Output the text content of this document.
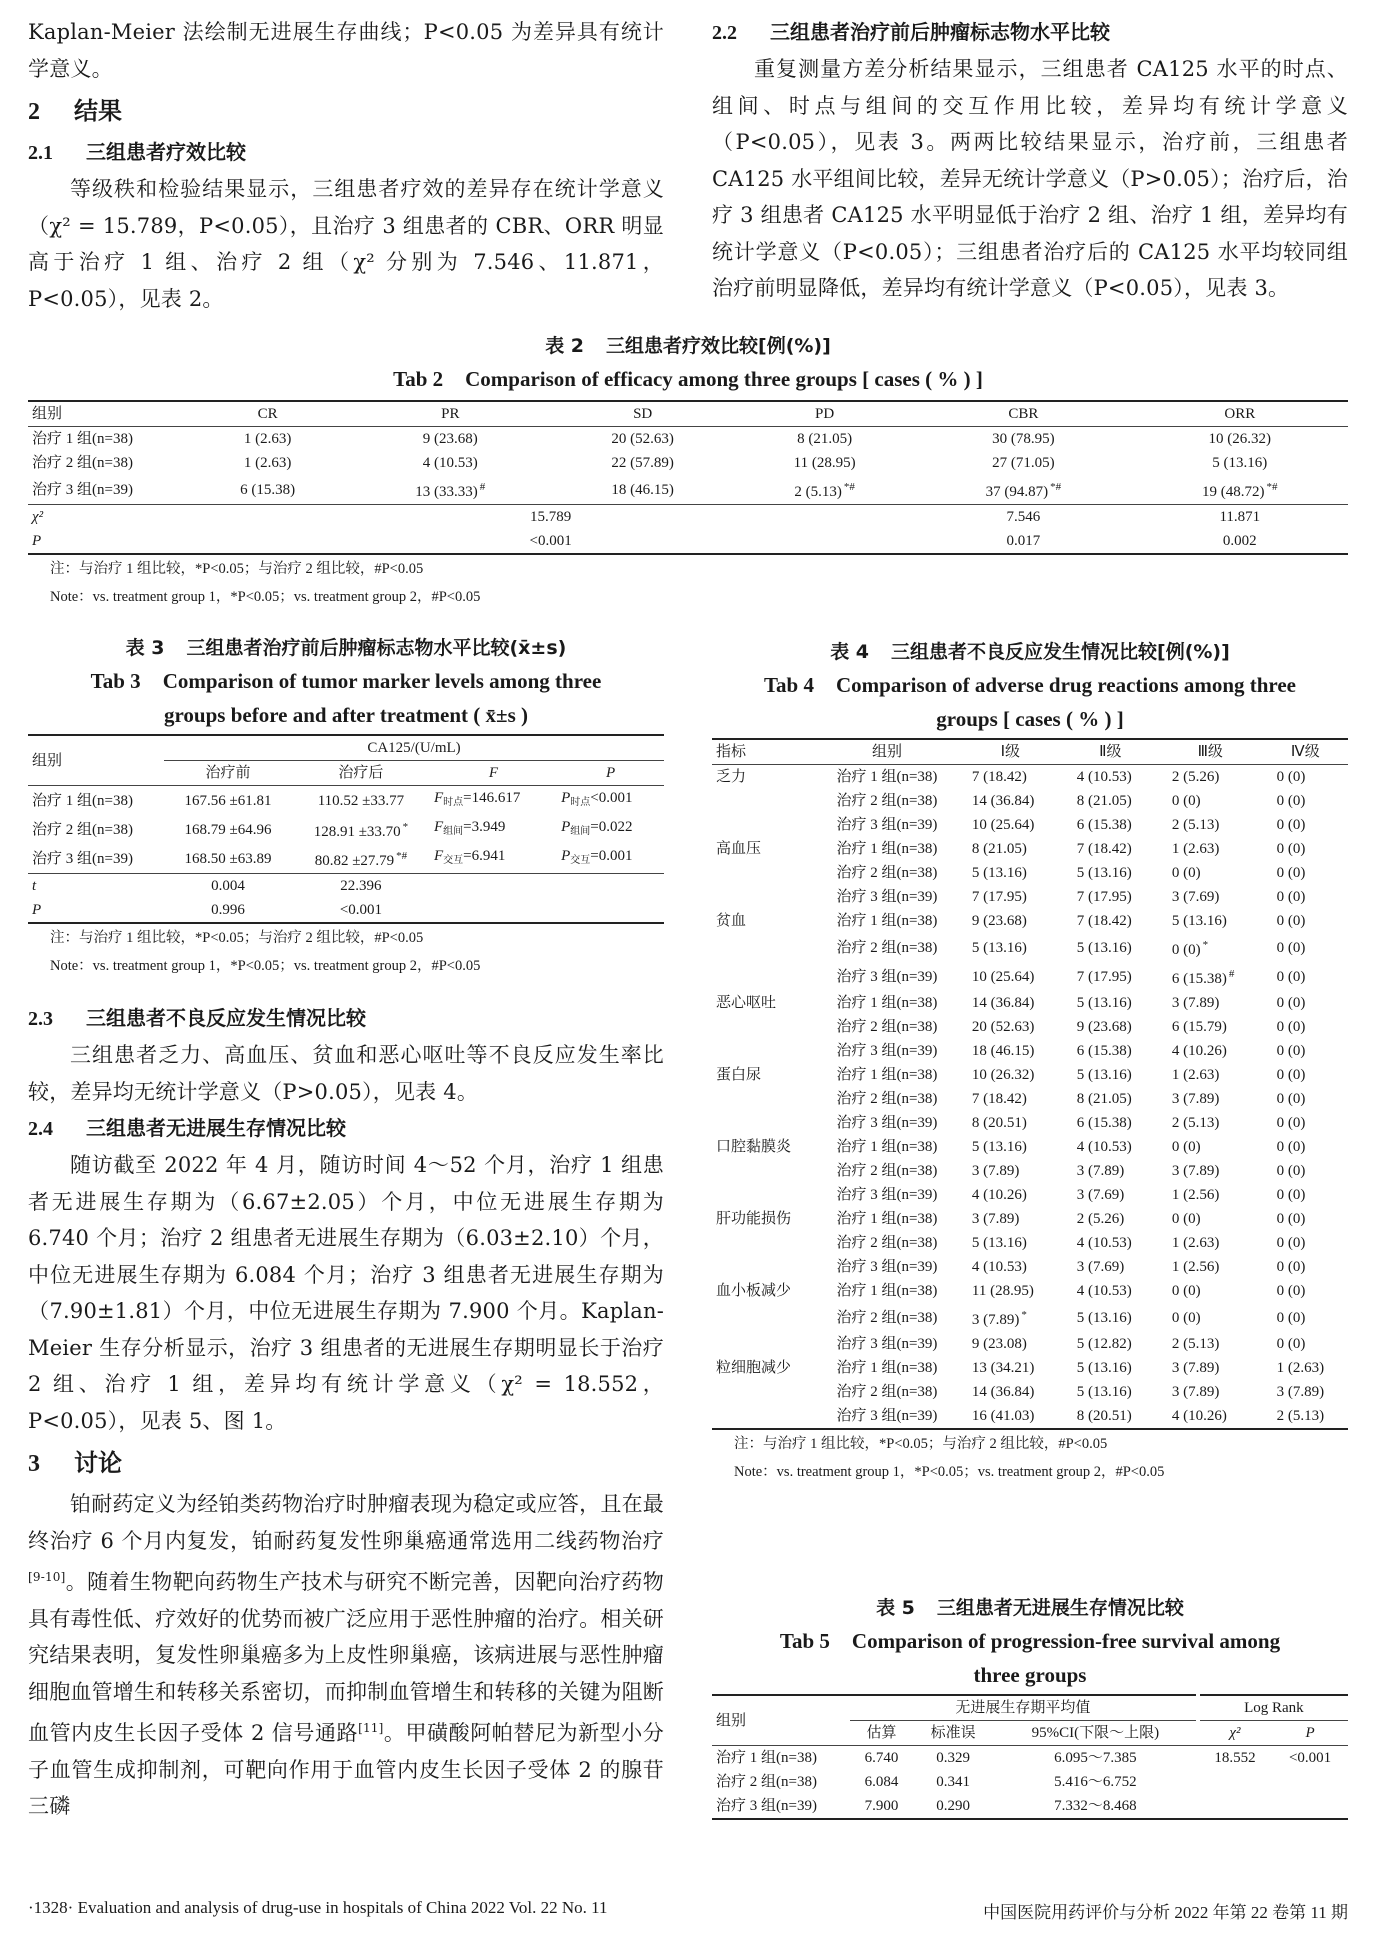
Kaplan-Meier 法绘制无进展生存曲线；P<0.05 为差异具有统计学意义。

2 结果
2.1 三组患者疗效比较

等级秩和检验结果显示，三组患者疗效的差异存在统计学意义（χ² = 15.789，P<0.05），且治疗 3 组患者的 CBR、ORR 明显高于治疗 1 组、治疗 2 组（χ² 分别为 7.546、11.871，P<0.05），见表 2。

2.2 三组患者治疗前后肿瘤标志物水平比较

重复测量方差分析结果显示，三组患者 CA125 水平的时点、组间、时点与组间的交互作用比较，差异均有统计学意义（P<0.05），见表 3。两两比较结果显示，治疗前，三组患者 CA125 水平组间比较，差异无统计学意义（P>0.05）；治疗后，治疗 3 组患者 CA125 水平明显低于治疗 2 组、治疗 1 组，差异均有统计学意义（P<0.05）；三组患者治疗后的 CA125 水平均较同组治疗前明显降低，差异均有统计学意义（P<0.05），见表 3。

表 2 三组患者疗效比较[例(%)]
Tab 2 Comparison of efficacy among three groups [ cases ( % ) ]
组别	CR	PR	SD	PD	CBR	ORR
治疗 1 组(n=38)	1 (2.63)	9 (23.68)	20 (52.63)	8 (21.05)	30 (78.95)	10 (26.32)
治疗 2 组(n=38)	1 (2.63)	4 (10.53)	22 (57.89)	11 (28.95)	27 (71.05)	5 (13.16)
治疗 3 组(n=39)	6 (15.38)	13 (33.33) #	18 (46.15)	2 (5.13) *#	37 (94.87) *#	19 (48.72) *#
χ²	15.789				7.546	11.871
P	<0.001				0.017	0.002
注：与治疗 1 组比较，*P<0.05；与治疗 2 组比较，#P<0.05
Note：vs. treatment group 1，*P<0.05；vs. treatment group 2，#P<0.05
表 3 三组患者治疗前后肿瘤标志物水平比较(x̄±s)
Tab 3 Comparison of tumor marker levels among three
groups before and after treatment ( x̄±s )
组别	CA125/(U/mL)			
	治疗前	治疗后	F	P
治疗 1 组(n=38)	167.56 ±61.81	110.52 ±33.77	$F_{时点}=146.617$	$P_{时点}<0.001$
治疗 2 组(n=38)	168.79 ±64.96	128.91 ±33.70 *	$F_{组间}=3.949$	$P_{组间}=0.022$
治疗 3 组(n=39)	168.50 ±63.89	80.82 ±27.79 *#	$F_{交互}=6.941$	$P_{交互}=0.001$
t	0.004	22.396		
P	0.996	<0.001		
注：与治疗 1 组比较，*P<0.05；与治疗 2 组比较，#P<0.05
Note：vs. treatment group 1，*P<0.05；vs. treatment group 2，#P<0.05
2.3 三组患者不良反应发生情况比较

三组患者乏力、高血压、贫血和恶心呕吐等不良反应发生率比较，差异均无统计学意义（P>0.05），见表 4。

2.4 三组患者无进展生存情况比较

随访截至 2022 年 4 月，随访时间 4～52 个月，治疗 1 组患者无进展生存期为（6.67±2.05）个月，中位无进展生存期为 6.740 个月；治疗 2 组患者无进展生存期为（6.03±2.10）个月，中位无进展生存期为 6.084 个月；治疗 3 组患者无进展生存期为（7.90±1.81）个月，中位无进展生存期为 7.900 个月。Kaplan-Meier 生存分析显示，治疗 3 组患者的无进展生存期明显长于治疗 2 组、治疗 1 组，差异均有统计学意义（χ² = 18.552，P<0.05），见表 5、图 1。

3 讨论

铂耐药定义为经铂类药物治疗时肿瘤表现为稳定或应答，且在最终治疗 6 个月内复发，铂耐药复发性卵巢癌通常选用二线药物治疗[9-10]。随着生物靶向药物生产技术与研究不断完善，因靶向治疗药物具有毒性低、疗效好的优势而被广泛应用于恶性肿瘤的治疗。相关研究结果表明，复发性卵巢癌多为上皮性卵巢癌，该病进展与恶性肿瘤细胞血管增生和转移关系密切，而抑制血管增生和转移的关键为阻断血管内皮生长因子受体 2 信号通路[11]。甲磺酸阿帕替尼为新型小分子血管生成抑制剂，可靶向作用于血管内皮生长因子受体 2 的腺苷三磷

表 4 三组患者不良反应发生情况比较[例(%)]
Tab 4 Comparison of adverse drug reactions among three
groups [ cases ( % ) ]
指标	组别	Ⅰ级	Ⅱ级	Ⅲ级	Ⅳ级
乏力	治疗 1 组(n=38)	7 (18.42)	4 (10.53)	2 (5.26)	0 (0)
	治疗 2 组(n=38)	14 (36.84)	8 (21.05)	0 (0)	0 (0)
	治疗 3 组(n=39)	10 (25.64)	6 (15.38)	2 (5.13)	0 (0)
高血压	治疗 1 组(n=38)	8 (21.05)	7 (18.42)	1 (2.63)	0 (0)
	治疗 2 组(n=38)	5 (13.16)	5 (13.16)	0 (0)	0 (0)
	治疗 3 组(n=39)	7 (17.95)	7 (17.95)	3 (7.69)	0 (0)
贫血	治疗 1 组(n=38)	9 (23.68)	7 (18.42)	5 (13.16)	0 (0)
	治疗 2 组(n=38)	5 (13.16)	5 (13.16)	0 (0) *	0 (0)
	治疗 3 组(n=39)	10 (25.64)	7 (17.95)	6 (15.38) #	0 (0)
恶心呕吐	治疗 1 组(n=38)	14 (36.84)	5 (13.16)	3 (7.89)	0 (0)
	治疗 2 组(n=38)	20 (52.63)	9 (23.68)	6 (15.79)	0 (0)
	治疗 3 组(n=39)	18 (46.15)	6 (15.38)	4 (10.26)	0 (0)
蛋白尿	治疗 1 组(n=38)	10 (26.32)	5 (13.16)	1 (2.63)	0 (0)
	治疗 2 组(n=38)	7 (18.42)	8 (21.05)	3 (7.89)	0 (0)
	治疗 3 组(n=39)	8 (20.51)	6 (15.38)	2 (5.13)	0 (0)
口腔黏膜炎	治疗 1 组(n=38)	5 (13.16)	4 (10.53)	0 (0)	0 (0)
	治疗 2 组(n=38)	3 (7.89)	3 (7.89)	3 (7.89)	0 (0)
	治疗 3 组(n=39)	4 (10.26)	3 (7.69)	1 (2.56)	0 (0)
肝功能损伤	治疗 1 组(n=38)	3 (7.89)	2 (5.26)	0 (0)	0 (0)
	治疗 2 组(n=38)	5 (13.16)	4 (10.53)	1 (2.63)	0 (0)
	治疗 3 组(n=39)	4 (10.53)	3 (7.69)	1 (2.56)	0 (0)
血小板减少	治疗 1 组(n=38)	11 (28.95)	4 (10.53)	0 (0)	0 (0)
	治疗 2 组(n=38)	3 (7.89) *	5 (13.16)	0 (0)	0 (0)
	治疗 3 组(n=39)	9 (23.08)	5 (12.82)	2 (5.13)	0 (0)
粒细胞减少	治疗 1 组(n=38)	13 (34.21)	5 (13.16)	3 (7.89)	1 (2.63)
	治疗 2 组(n=38)	14 (36.84)	5 (13.16)	3 (7.89)	3 (7.89)
	治疗 3 组(n=39)	16 (41.03)	8 (20.51)	4 (10.26)	2 (5.13)
注：与治疗 1 组比较，*P<0.05；与治疗 2 组比较，#P<0.05
Note：vs. treatment group 1，*P<0.05；vs. treatment group 2，#P<0.05
表 5 三组患者无进展生存情况比较
Tab 5 Comparison of progression-free survival among
three groups
组别	无进展生存期平均值			Log Rank	
	估算	标准误	95%CI(下限～上限)	χ²	P
治疗 1 组(n=38)	6.740	0.329	6.095～7.385	18.552	<0.001
治疗 2 组(n=38)	6.084	0.341	5.416～6.752		
治疗 3 组(n=39)	7.900	0.290	7.332～8.468		
·1328· Evaluation and analysis of drug-use in hospitals of China 2022 Vol. 22 No. 11	中国医院用药评价与分析 2022 年第 22 卷第 11 期
